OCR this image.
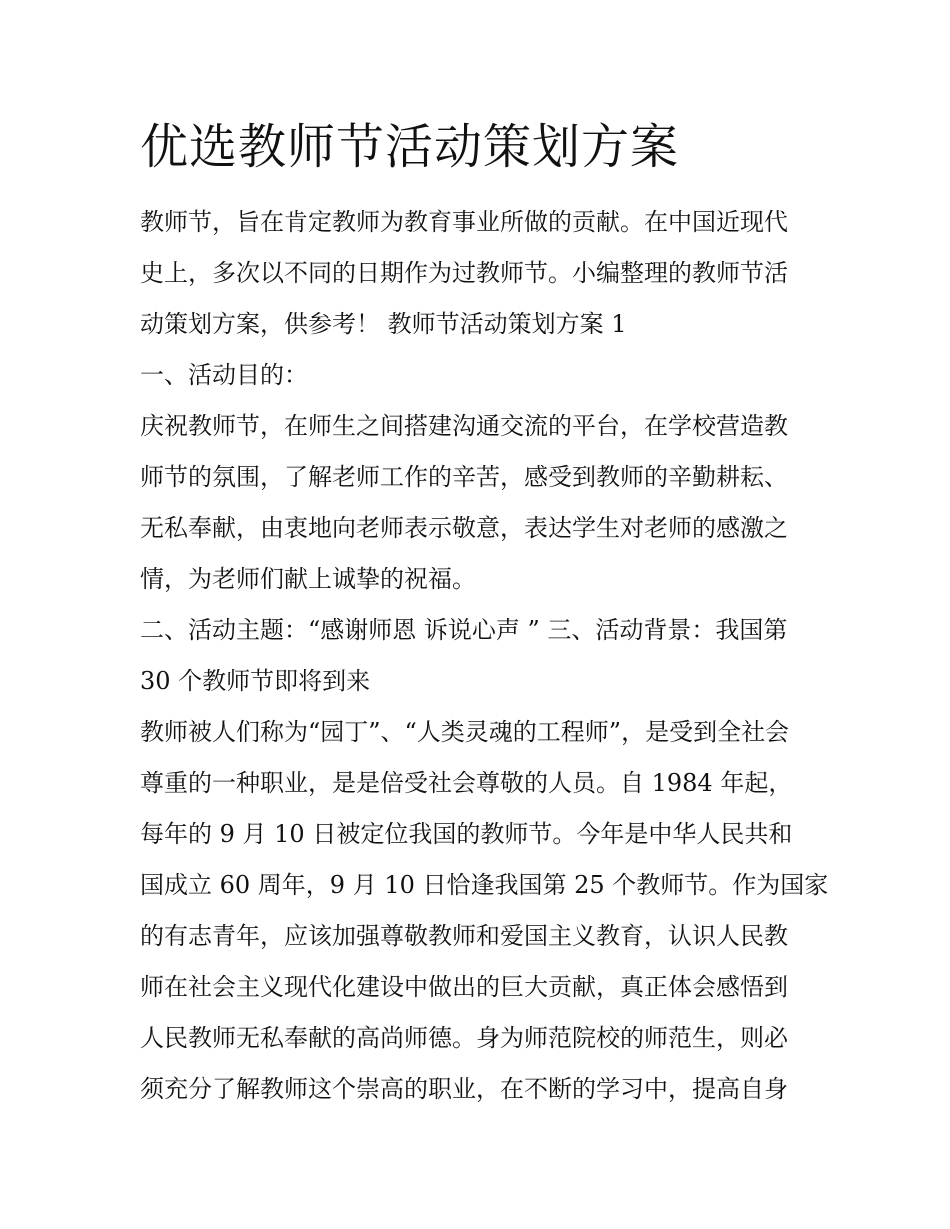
优选教师节活动策划方案
教师节，旨在肯定教师为教育事业所做的贡献。在中国近现代
史上，多次以不同的日期作为过教师节。小编整理的教师节活
动策划方案，供参考！ 教师节活动策划方案 1
一、活动目的：
庆祝教师节，在师生之间搭建沟通交流的平台，在学校营造教
师节的氛围，了解老师工作的辛苦，感受到教师的辛勤耕耘、
无私奉献，由衷地向老师表示敬意，表达学生对老师的感激之
情，为老师们献上诚挚的祝福。
二、活动主题：“感谢师恩 诉说心声 ” 三、活动背景：我国第
30 个教师节即将到来
教师被人们称为“园丁”、“人类灵魂的工程师”，是受到全社会
尊重的一种职业，是是倍受社会尊敬的人员。自 1984 年起，
每年的 9 月 10 日被定位我国的教师节。今年是中华人民共和
国成立 60 周年，9 月 10 日恰逢我国第 25 个教师节。作为国家
的有志青年，应该加强尊敬教师和爱国主义教育，认识人民教
师在社会主义现代化建设中做出的巨大贡献，真正体会感悟到
人民教师无私奉献的高尚师德。身为师范院校的师范生，则必
须充分了解教师这个崇高的职业，在不断的学习中，提高自身
